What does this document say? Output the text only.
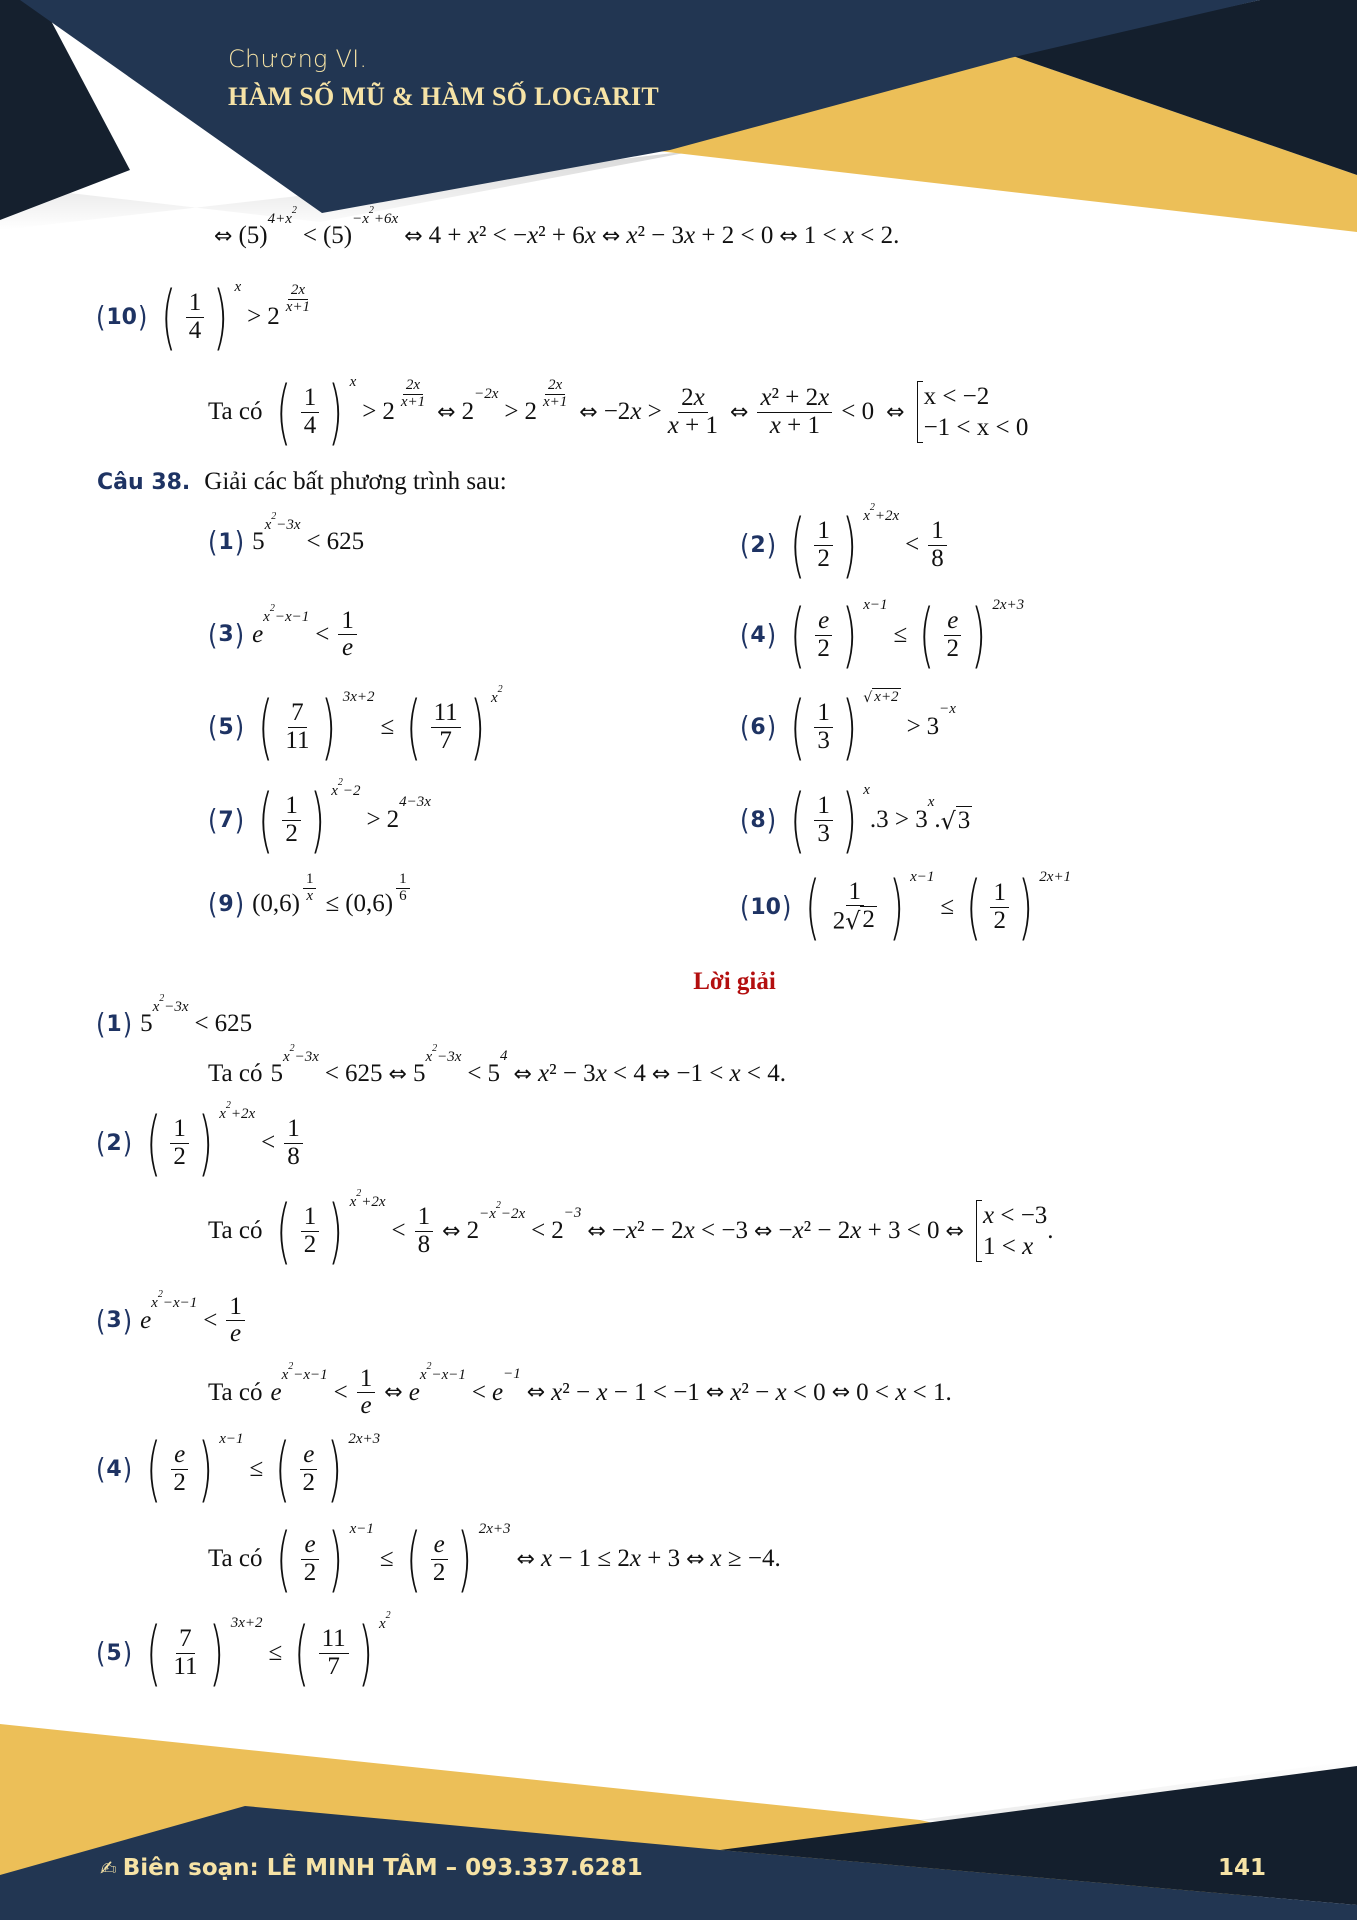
Chương VI.
HÀM SỐ MŨ & HÀM SỐ LOGARIT
⇔ (5)
$^{4+x^2}$
< (5)
$^{-x^2+6x}$
⇔ 4 + x² < −x² + 6x ⇔ x² − 3x + 2 < 0 ⇔ 1 < x < 2.
( 10 ) ( $\frac{1}{4}$ ) $^x$
> 2
$\frac{2x}{x+1}$
Ta có ( $\frac{1}{4}$ ) $^x$
> 2
$\frac{2x}{x+1}$
⇔ 2
$^{-2x}$
> 2
$\frac{2x}{x+1}$
⇔ $-2x > \frac{2x}{x + 1}$ ⇔ $\frac{\text{x² + 2x}}{x + 1} < 0$ ⇔
x < −2
−1 < x < 0
Câu 38. Giải các bất phương trình sau:
( 1 ) 5
$^{x^2-3x}$
< 625	( 2 ) ( $\frac{1}{2}$ ) $^{x^2+2x}$
< $\frac{1}{8}$
( 3 ) e
$^{x^2-x-1}$
< $\frac{1}{e}$	( 4 ) ( $\frac{e}{2}$ ) $^{x-1}$
≤ ( $\frac{e}{2}$ ) $^{2x+3}$
( 5 ) ( $\frac{7}{11}$ ) $^{3x+2}$
≤ ( $\frac{11}{7}$ ) $^{x^2}$
( 6 ) ( $\frac{1}{3}$ ) $^{√ x+2}$
> 3
$^{-x}$
( 7 ) ( $\frac{1}{2}$ ) $^{x^2-2}$
> 2
$^{4-3x}$
( 8 ) ( $\frac{1}{3}$ ) $^x$
.3 > 3
$^x$
. √ 3
( 9 ) $(0,6) \frac{1}{x} \le (0,6) \frac{1}{6}$
( 10 ) ( $\frac{1}{2 √ 2}$ ) $^{x-1}$
≤ ( $\frac{1}{2}$ ) $^{2x+1}$
Lời giải
( 1 ) 5
$^{x^2-3x}$
< 625
Ta có 5
$^{x^2-3x}$
< 625 ⇔ 5
$^{x^2-3x}$
< 5
$^4$
⇔ x² − 3x < 4 ⇔ −1 < x < 4.
( 2 ) ( $\frac{1}{2}$ ) $^{x^2+2x}$
< $\frac{1}{8}$
Ta có ( $\frac{1}{2}$ ) $^{x^2+2x}$
< $\frac{1}{8}$ ⇔ 2
$^{-x^2-2x}$
< 2
$^{-3}$
⇔ −x² − 2x < −3 ⇔ −x² − 2x + 3 < 0 ⇔
x < −3
1 < x
.
( 3 ) e
$^{x^2-x-1}$
< $\frac{1}{e}$
Ta có e
$^{x^2-x-1}$
< $\frac{1}{e}$ ⇔ e
$^{x^2-x-1}$
< e
$^{-1}$
⇔ x² − x − 1 < −1 ⇔ x² − x < 0 ⇔ 0 < x < 1.
( 4 ) ( $\frac{e}{2}$ ) $^{x-1}$
≤ ( $\frac{e}{2}$ ) $^{2x+3}$
Ta có ( $\frac{e}{2}$ ) $^{x-1}$
≤ ( $\frac{e}{2}$ ) $^{2x+3}$
⇔ x − 1 ≤ 2x + 3 ⇔ x ≥ −4.
( 5 ) ( $\frac{7}{11}$ ) $^{3x+2}$
≤ ( $\frac{11}{7}$ ) $^{x^2}$
✍ Biên soạn: LÊ MINH TÂM – 093.337.6281	141
